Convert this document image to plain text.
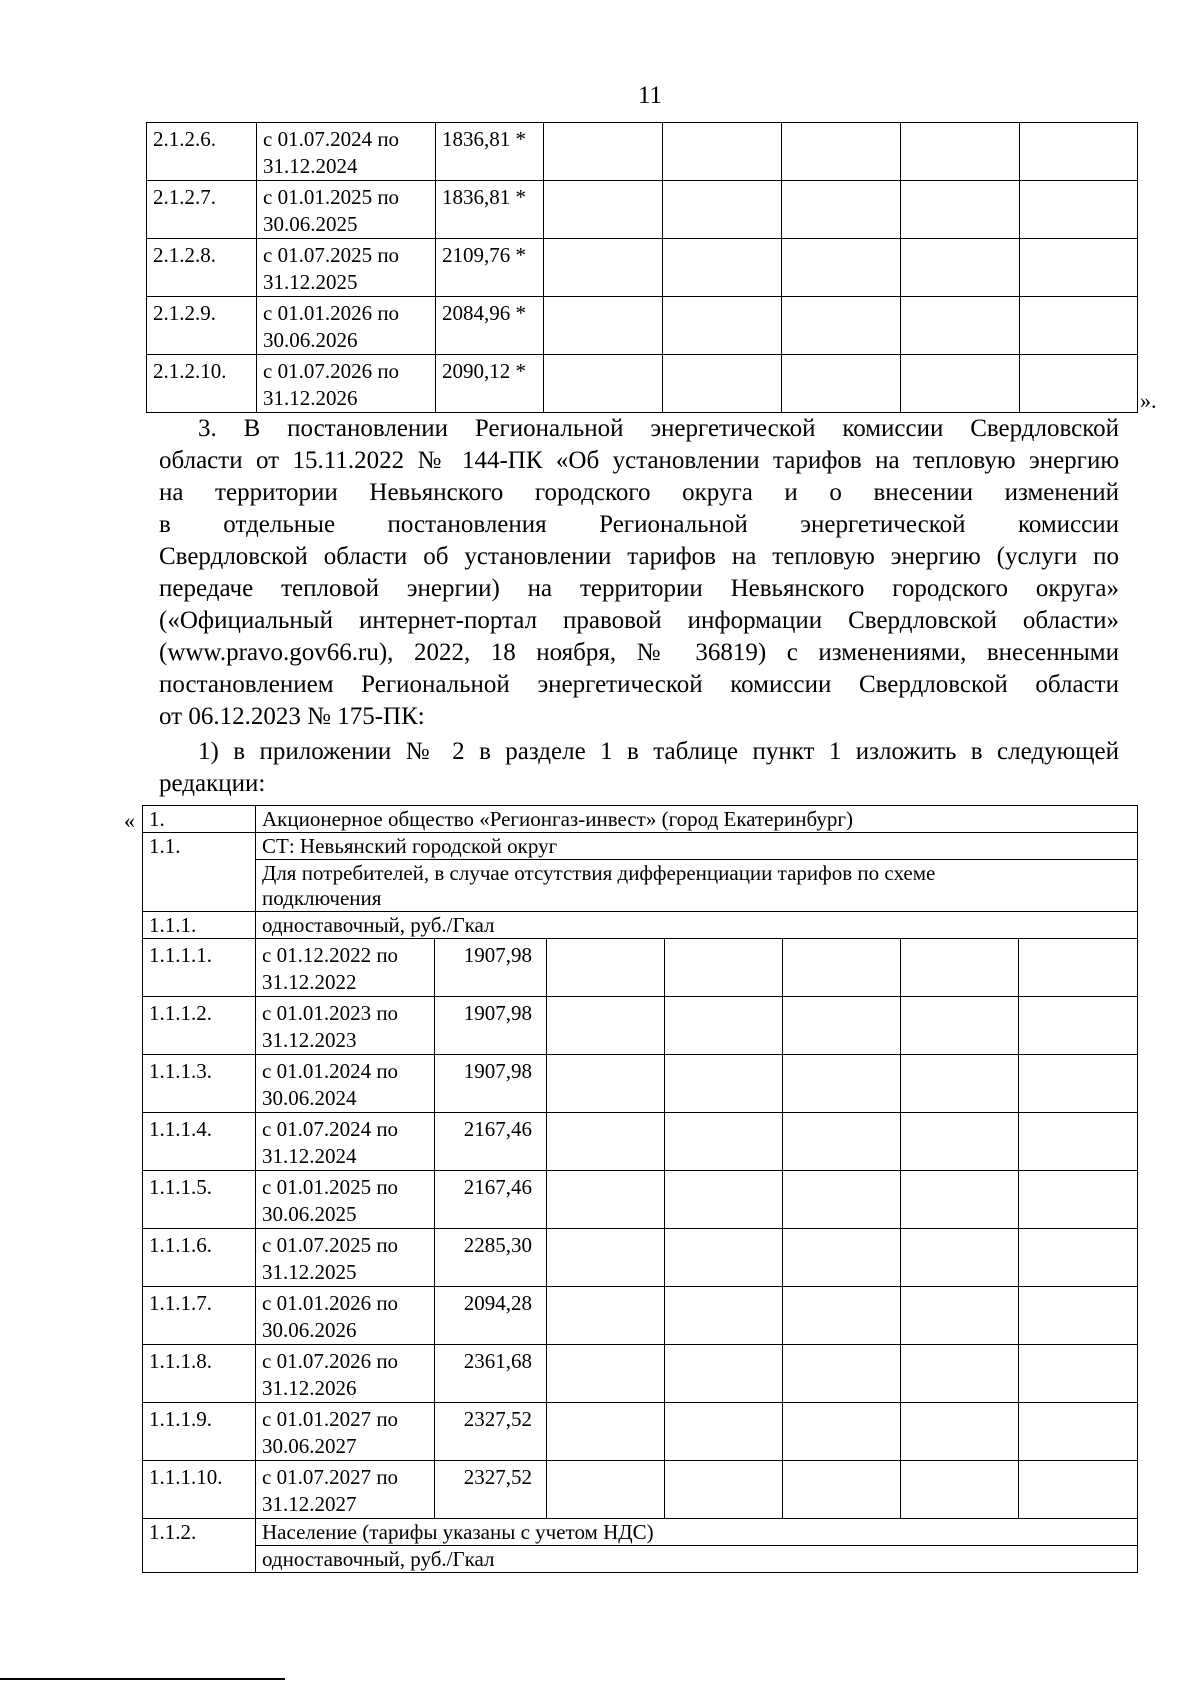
11
2.1.2.6.	с 01.07.2024 по
31.12.2024	1836,81 *					
2.1.2.7.	с 01.01.2025 по
30.06.2025	1836,81 *					
2.1.2.8.	с 01.07.2025 по
31.12.2025	2109,76 *					
2.1.2.9.	с 01.01.2026 по
30.06.2026	2084,96 *					
2.1.2.10.	с 01.07.2026 по
31.12.2026	2090,12 *					
».
3. В постановлении Региональной энергетической комиссии Свердловской
области от 15.11.2022 № 144-ПК «Об установлении тарифов на тепловую энергию
на территории Невьянского городского округа и о внесении изменений
в отдельные постановления Региональной энергетической комиссии
Свердловской области об установлении тарифов на тепловую энергию (услуги по
передаче тепловой энергии) на территории Невьянского городского округа»
(«Официальный интернет-портал правовой информации Свердловской области»
(www.pravo.gov66.ru), 2022, 18 ноября, № 36819) с изменениями, внесенными
постановлением Региональной энергетической комиссии Свердловской области
от 06.12.2023 № 175-ПК:
1) в приложении № 2 в разделе 1 в таблице пункт 1 изложить в следующей
редакции:
« 1.	Акционерное общество «Регионгаз-инвест» (город Екатеринбург)						
1.1.	СТ: Невьянский городской округ						

	Для потребителей, в случае отсутствия дифференциации тарифов по схеме
подключения						

1.1.1.	одноставочный, руб./Гкал						
1.1.1.1.	с 01.12.2022 по
31.12.2022	1907,98					
1.1.1.2.	с 01.01.2023 по
31.12.2023	1907,98					
1.1.1.3.	с 01.01.2024 по
30.06.2024	1907,98					
1.1.1.4.	с 01.07.2024 по
31.12.2024	2167,46					
1.1.1.5.	с 01.01.2025 по
30.06.2025	2167,46					
1.1.1.6.	с 01.07.2025 по
31.12.2025	2285,30					
1.1.1.7.	с 01.01.2026 по
30.06.2026	2094,28					
1.1.1.8.	с 01.07.2026 по
31.12.2026	2361,68					
1.1.1.9.	с 01.01.2027 по
30.06.2027	2327,52					
1.1.1.10.	с 01.07.2027 по
31.12.2027	2327,52					
1.1.2.	Население (тарифы указаны с учетом НДС)						
	одноставочный, руб./Гкал						
